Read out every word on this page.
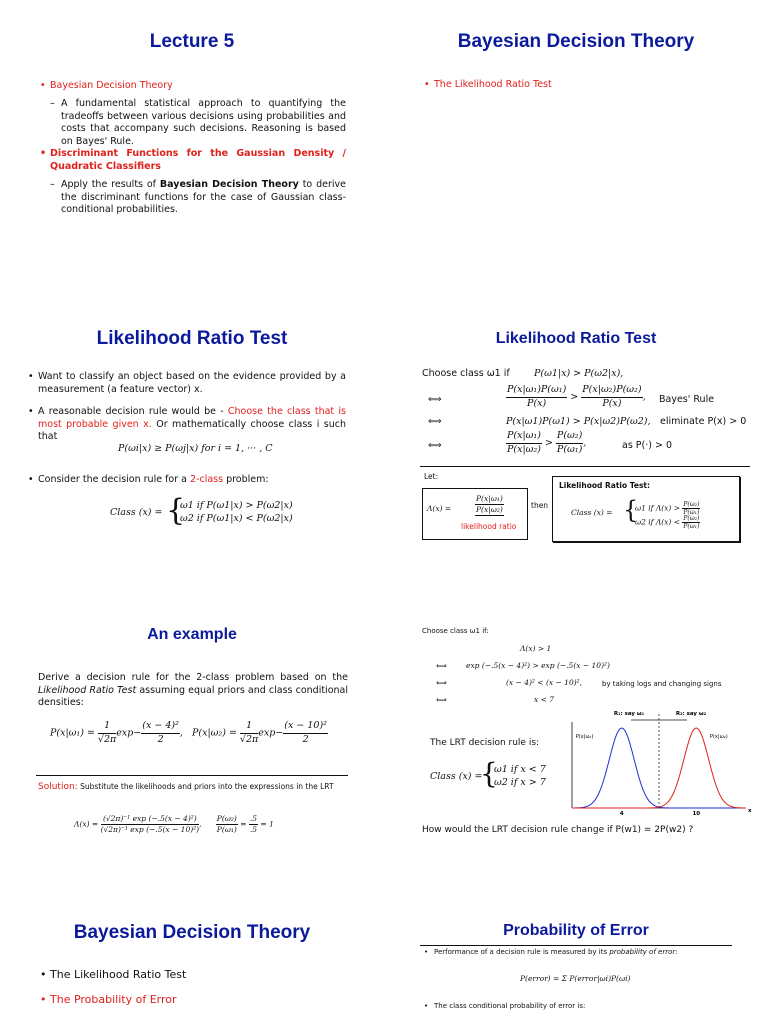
Lecture 5
• Bayesian Decision Theory
– A fundamental statistical approach to quantifying the tradeoffs between various decisions using probabilities and costs that accompany such decisions. Reasoning is based on Bayes' Rule.
• Discriminant Functions for the Gaussian Density / Quadratic Classifiers
– Apply the results of Bayesian Decision Theory to derive the discriminant functions for the case of Gaussian class-conditional probabilities.
Bayesian Decision Theory
• The Likelihood Ratio Test
Likelihood Ratio Test
• Want to classify an object based on the evidence provided by a measurement (a feature vector) x.
• A reasonable decision rule would be - Choose the class that is most probable given x. Or mathematically choose class i such that
P(ωi|x) ≥ P(ωj|x) for i = 1, ··· , C
• Consider the decision rule for a 2-class problem:
Class (x) = {
ω1 if P(ω1|x) > P(ω2|x)
ω2 if P(ω1|x) < P(ω2|x)
Likelihood Ratio Test
Choose class ω1 if	P(ω1|x) > P(ω2|x),
⟺	$\frac{\text{P(x|ω₁)P(ω₁)}}{P(x)} > \frac{\text{P(x|ω₂)P(ω₂)}}{P(x)}$ , Bayes' Rule
⟺	P(x|ω1)P(ω1) > P(x|ω2)P(ω2), eliminate P(x) > 0
⟺	$\frac{\text{P(x|ω₁)}}{\text{P(x|ω₂)}} > \frac{\text{P(ω₂)}}{\text{P(ω₁)}}$ ,	as P(·) > 0
Let:
Λ(x) =	$\frac{\text{P(x|ω₁)}}{\text{P(x|ω₂)}}$
likelihood ratio
then
Likelihood Ratio Test:
Class (x) = {
ω1 if $\Lambda(x) > \frac{\text{P(ω₂)}}{\text{P(ω₁)}}$
ω2 if $\Lambda(x) < \frac{\text{P(ω₂)}}{\text{P(ω₁)}}$
An example
Derive a decision rule for the 2-class problem based on the Likelihood Ratio Test assuming equal priors and class conditional densities:
$P(x|\omega_1) = \frac{1}{√2\pi} \exp- \frac{\text{(x − 4)²}}{2}$ ,   $P(x|\omega_2) = \frac{1}{√2\pi} \exp- \frac{\text{(x − 10)²}}{2}$
Solution: Substitute the likelihoods and priors into the expressions in the LRT
$\Lambda(x) = \frac{\text{(√2π)⁻¹ exp (−.5(x − 4)²)}}{\text{(√2π)⁻¹ exp (−.5(x − 10)²)}}$ , $\frac{\text{P(ω₂)}}{\text{P(ω₁)}} = \frac{.5}{.5} = 1$
Choose class ω1 if:
Λ(x) > 1
⟺	exp (−.5(x − 4)²) > exp (−.5(x − 10)²)
⟺	(x − 4)² < (x − 10)²,	by taking logs and changing signs
⟺	x < 7
The LRT decision rule is:
Class (x) =
{
ω1 if x < 7
ω2 if x > 7
R₁: say ω₁	R₂: say ω₂
P(x|ω₁)	P(x|ω₂)
4	10	x
How would the LRT decision rule change if P(w1) = 2P(w2) ?
Bayesian Decision Theory
• The Likelihood Ratio Test
• The Probability of Error
Probability of Error
• Performance of a decision rule is measured by its probability of error:
P(error) = Σ P(error|ωi)P(ωi)
• The class conditional probability of error is:
